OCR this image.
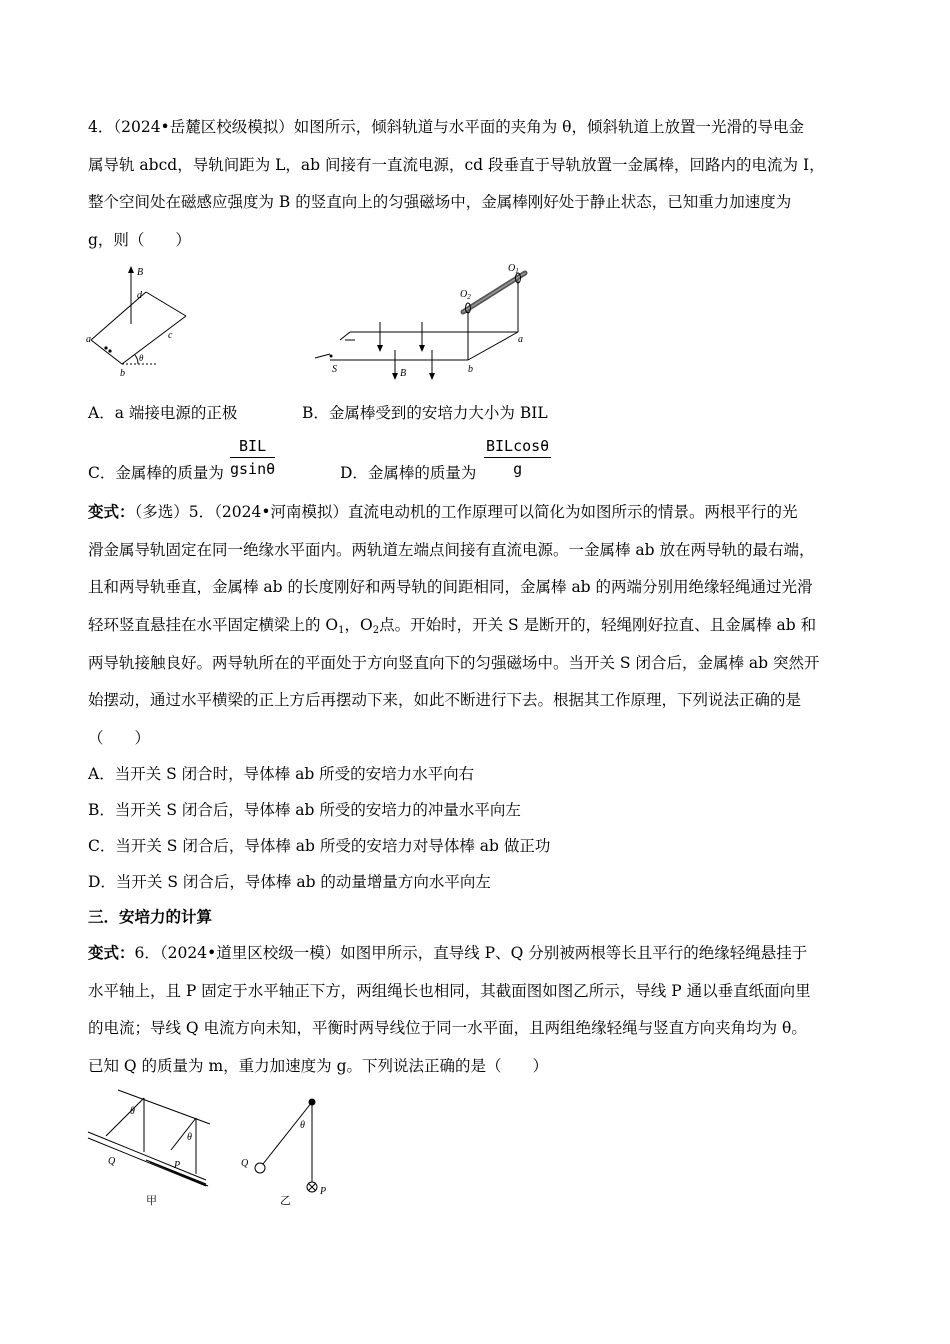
4．（2024•岳麓区校级模拟）如图所示，倾斜轨道与水平面的夹角为 θ，倾斜轨道上放置一光滑的导电金
属导轨 abcd，导轨间距为 L，ab 间接有一直流电源，cd 段垂直于导轨放置一金属棒，回路内的电流为 I，
整个空间处在磁感应强度为 B 的竖直向上的匀强磁场中，金属棒刚好处于静止状态，已知重力加速度为
g，则（　　）
B
d
a	c
b
θ
$O_1$
$O_2$
a
b
S	B
A．a 端接电源的正极	B．金属棒受到的安培力大小为 BIL
C．金属棒的质量为
BIL
gsinθ	D．金属棒的质量为
BILcosθ
g
变式：（多选）5．（2024•河南模拟）直流电动机的工作原理可以简化为如图所示的情景。两根平行的光
滑金属导轨固定在同一绝缘水平面内。两轨道左端点间接有直流电源。一金属棒 ab 放在两导轨的最右端，
且和两导轨垂直，金属棒 ab 的长度刚好和两导轨的间距相同，金属棒 ab 的两端分别用绝缘轻绳通过光滑
轻环竖直悬挂在水平固定横梁上的 $O_1$，$O_2$点。开始时，开关 S 是断开的，轻绳刚好拉直、且金属棒 ab 和
两导轨接触良好。两导轨所在的平面处于方向竖直向下的匀强磁场中。当开关 S 闭合后，金属棒 ab 突然开
始摆动，通过水平横梁的正上方后再摆动下来，如此不断进行下去。根据其工作原理，下列说法正确的是
（　　）
A．当开关 S 闭合时，导体棒 ab 所受的安培力水平向右
B．当开关 S 闭合后，导体棒 ab 所受的安培力的冲量水平向左
C．当开关 S 闭合后，导体棒 ab 所受的安培力对导体棒 ab 做正功
D．当开关 S 闭合后，导体棒 ab 的动量增量方向水平向左
三．安培力的计算
变式：6．（2024•道里区校级一模）如图甲所示，直导线 P、Q 分别被两根等长且平行的绝缘轻绳悬挂于
水平轴上，且 P 固定于水平轴正下方，两组绳长也相同，其截面图如图乙所示，导线 P 通以垂直纸面向里
的电流；导线 Q 电流方向未知，平衡时两导线位于同一水平面，且两组绝缘轻绳与竖直方向夹角均为 θ。
已知 Q 的质量为 m，重力加速度为 g。下列说法正确的是（　　）
θ
θ
Q	P
甲
θ
Q
P
乙
